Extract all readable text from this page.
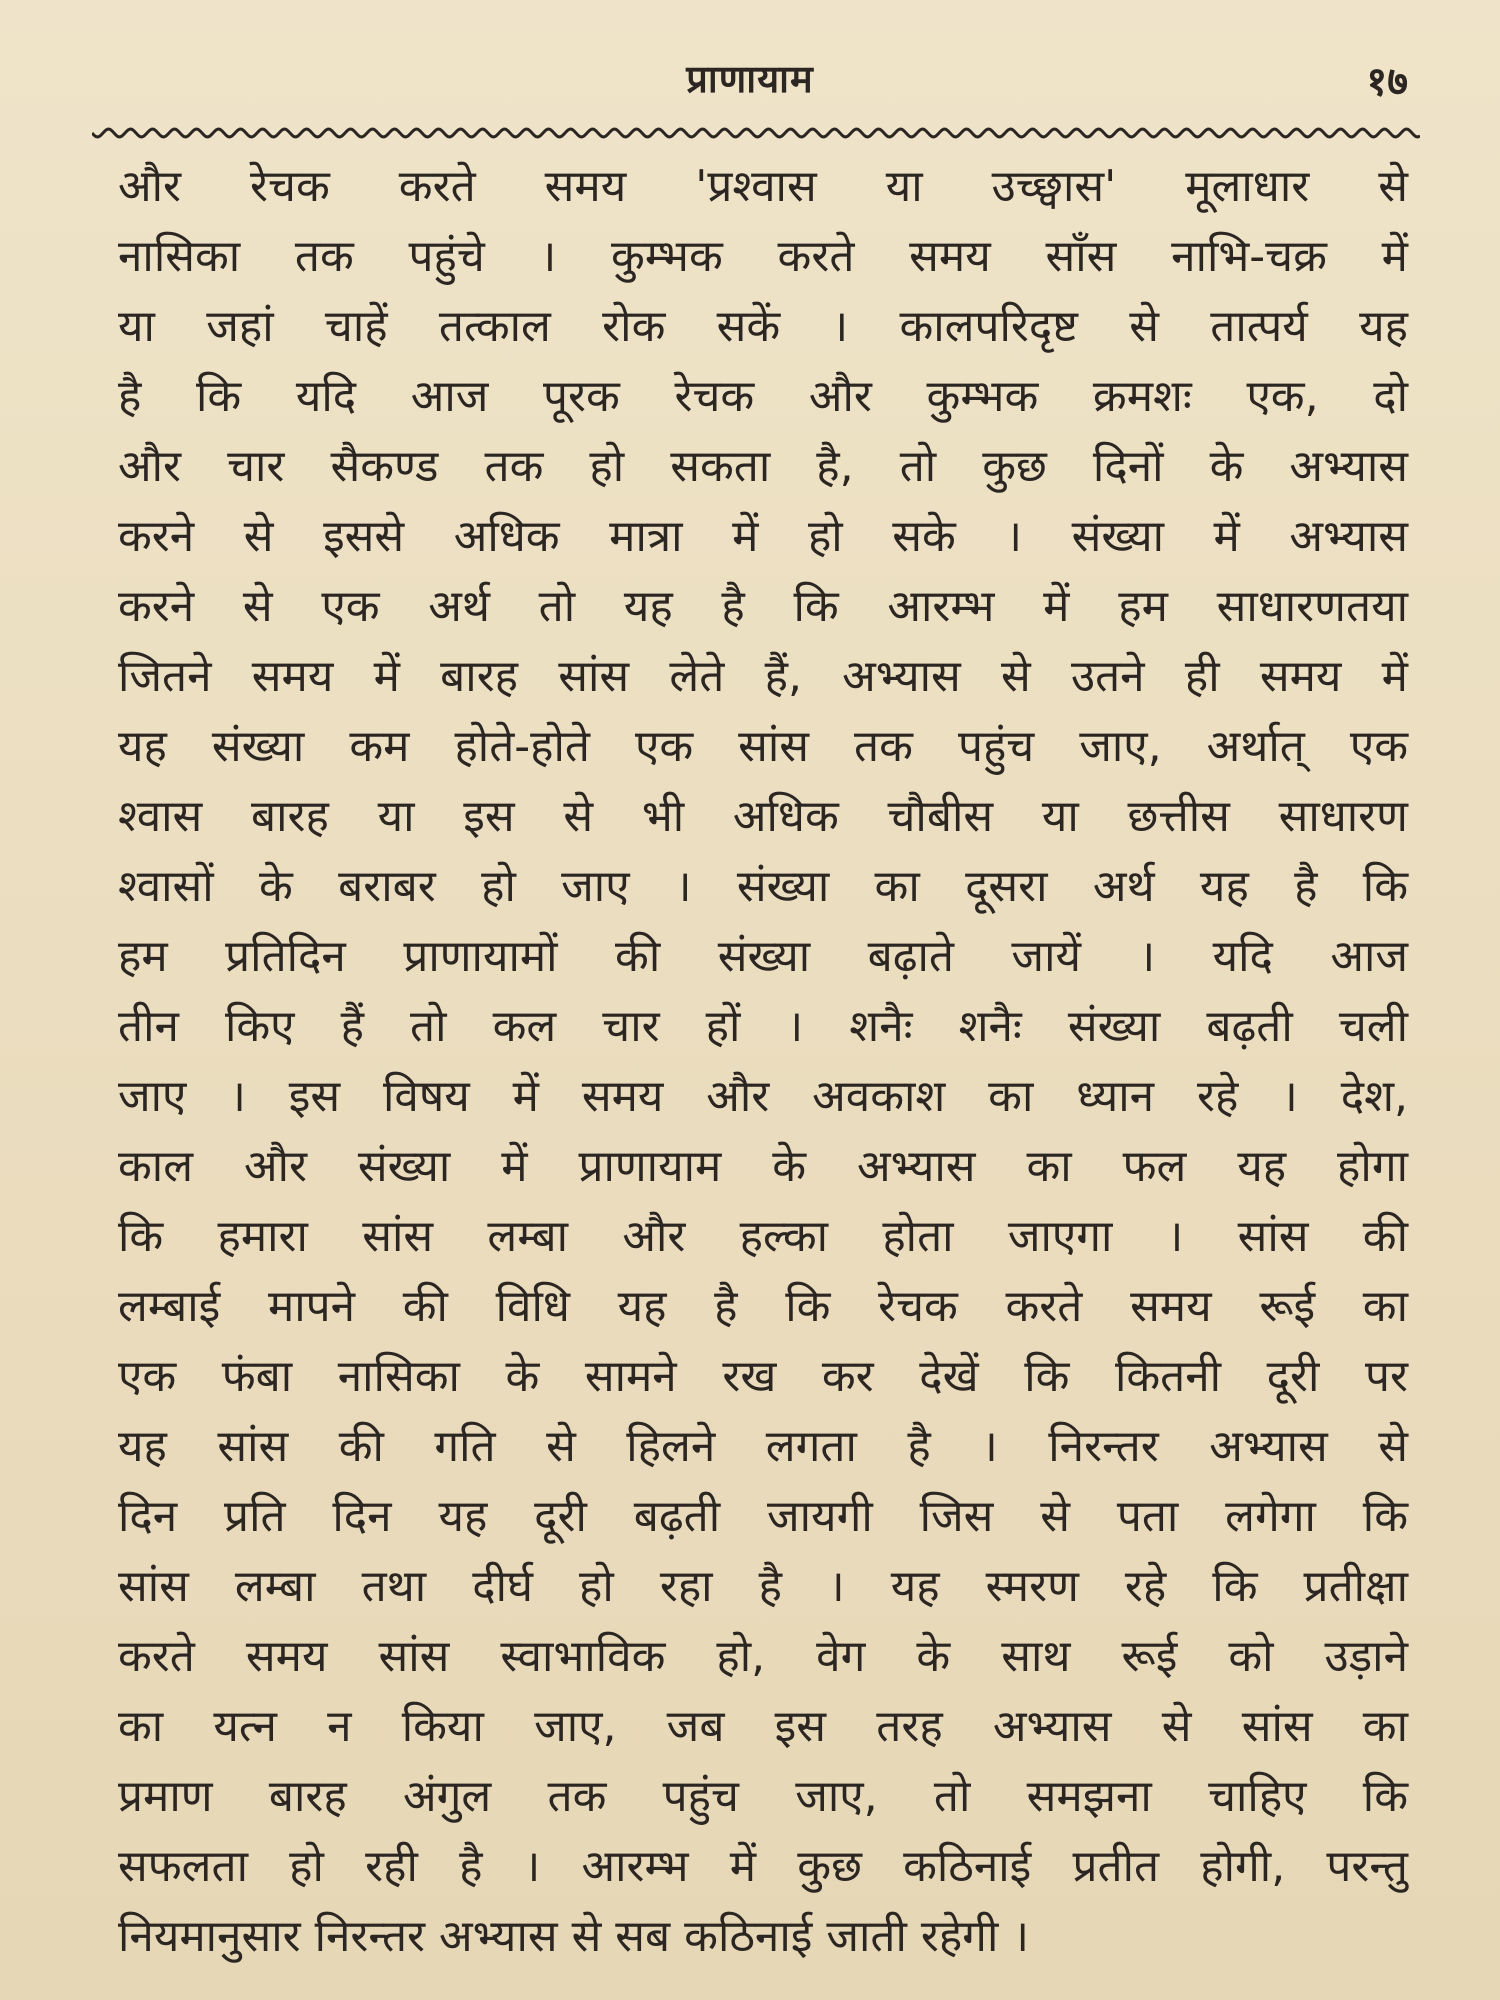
प्राणायाम	१७
और रेचक करते समय 'प्रश्वास या उच्छ्वास' मूलाधार से
नासिका तक पहुंचे । कुम्भक करते समय साँस नाभि-चक्र में
या जहां चाहें तत्काल रोक सकें । कालपरिदृष्ट से तात्पर्य यह
है कि यदि आज पूरक रेचक और कुम्भक क्रमशः एक, दो
और चार सैकण्ड तक हो सकता है, तो कुछ दिनों के अभ्यास
करने से इससे अधिक मात्रा में हो सके । संख्या में अभ्यास
करने से एक अर्थ तो यह है कि आरम्भ में हम साधारणतया
जितने समय में बारह सांस लेते हैं, अभ्यास से उतने ही समय में
यह संख्या कम होते-होते एक सांस तक पहुंच जाए, अर्थात् एक
श्वास बारह या इस से भी अधिक चौबीस या छत्तीस साधारण
श्वासों के बराबर हो जाए । संख्या का दूसरा अर्थ यह है कि
हम प्रतिदिन प्राणायामों की संख्या बढ़ाते जायें । यदि आज
तीन किए हैं तो कल चार हों । शनैः शनैः संख्या बढ़ती चली
जाए । इस विषय में समय और अवकाश का ध्यान रहे । देश,
काल और संख्या में प्राणायाम के अभ्यास का फल यह होगा
कि हमारा सांस लम्बा और हल्का होता जाएगा । सांस की
लम्बाई मापने की विधि यह है कि रेचक करते समय रूई का
एक फंबा नासिका के सामने रख कर देखें कि कितनी दूरी पर
यह सांस की गति से हिलने लगता है । निरन्तर अभ्यास से
दिन प्रति दिन यह दूरी बढ़ती जायगी जिस से पता लगेगा कि
सांस लम्बा तथा दीर्घ हो रहा है । यह स्मरण रहे कि प्रतीक्षा
करते समय सांस स्वाभाविक हो, वेग के साथ रूई को उड़ाने
का यत्न न किया जाए, जब इस तरह अभ्यास से सांस का
प्रमाण बारह अंगुल तक पहुंच जाए, तो समझना चाहिए कि
सफलता हो रही है । आरम्भ में कुछ कठिनाई प्रतीत होगी, परन्तु
नियमानुसार निरन्तर अभ्यास से सब कठिनाई जाती रहेगी ।
